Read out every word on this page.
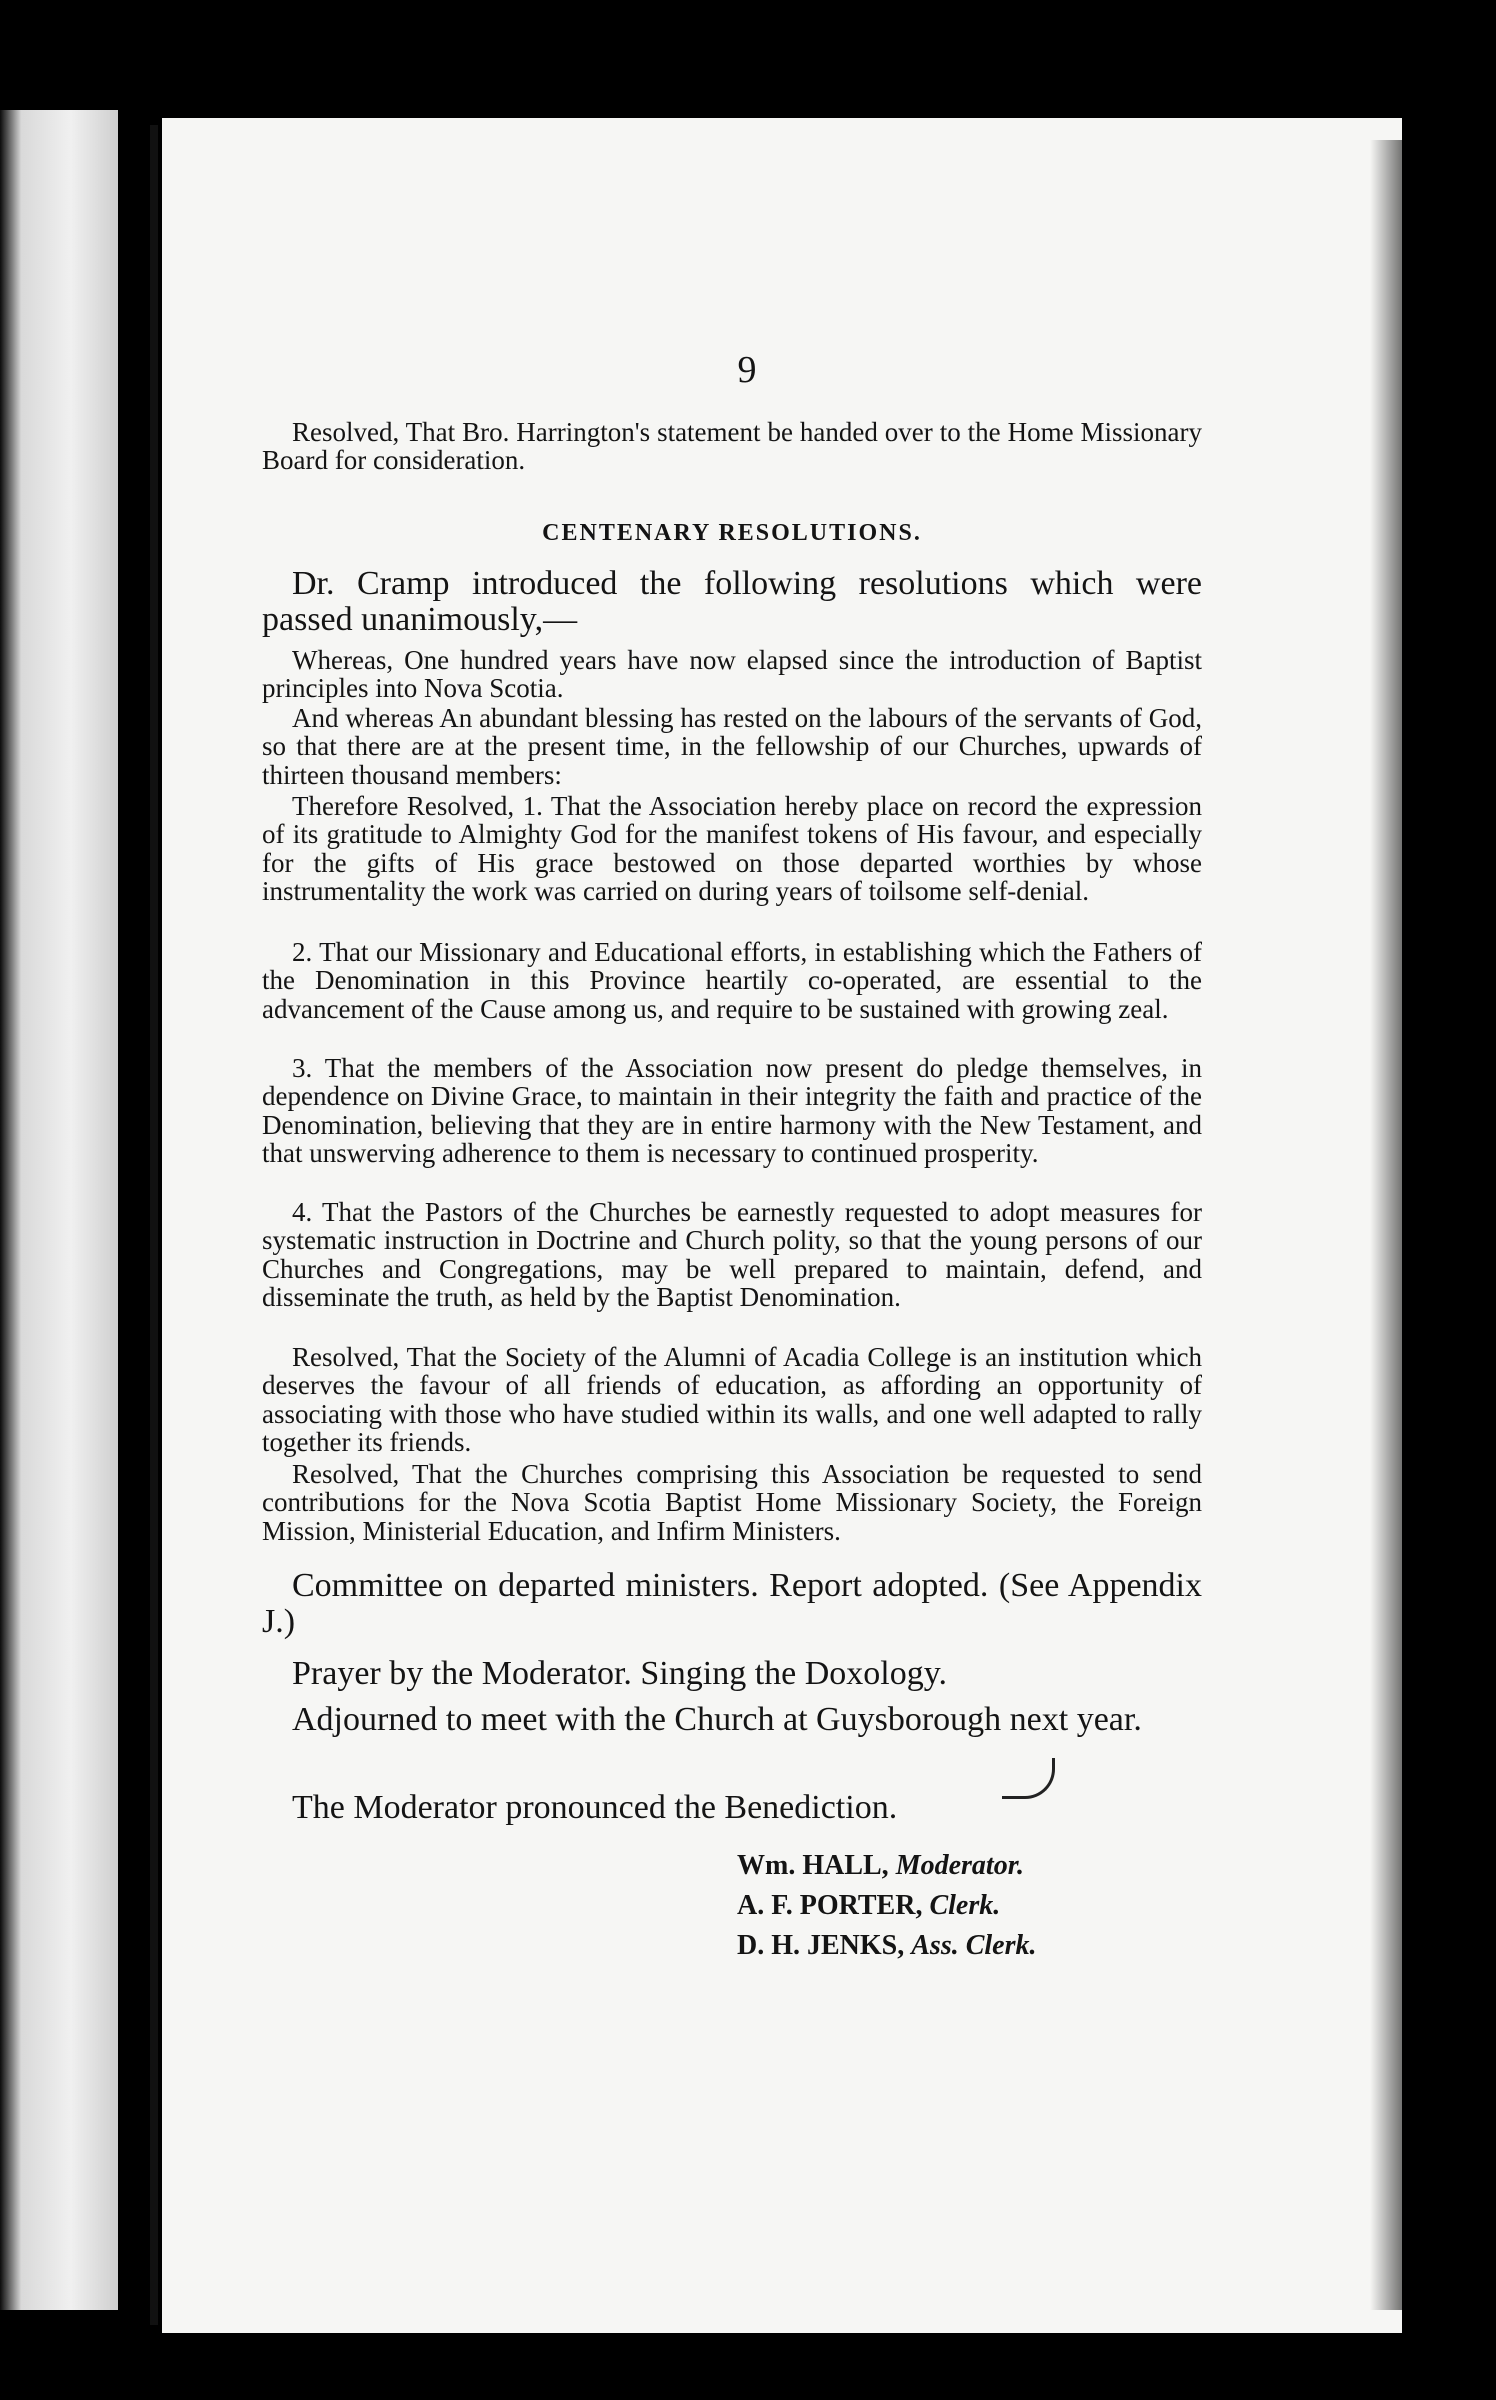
9
Resolved, That Bro. Harrington's statement be handed over to the Home Missionary Board for consideration.
CENTENARY RESOLUTIONS.
Dr. Cramp introduced the following resolutions which were passed unanimously,—
Whereas, One hundred years have now elapsed since the introduction of Baptist principles into Nova Scotia.
And whereas An abundant blessing has rested on the labours of the servants of God, so that there are at the present time, in the fellowship of our Churches, upwards of thirteen thousand members:
Therefore Resolved, 1. That the Association hereby place on record the expression of its gratitude to Almighty God for the manifest tokens of His favour, and especially for the gifts of His grace bestowed on those departed worthies by whose instrumentality the work was carried on during years of toilsome self-denial.
2. That our Missionary and Educational efforts, in establishing which the Fathers of the Denomination in this Province heartily co-operated, are essential to the advancement of the Cause among us, and require to be sustained with growing zeal.
3. That the members of the Association now present do pledge themselves, in dependence on Divine Grace, to maintain in their integrity the faith and practice of the Denomination, believing that they are in entire harmony with the New Testament, and that unswerving adherence to them is necessary to continued prosperity.
4. That the Pastors of the Churches be earnestly requested to adopt measures for systematic instruction in Doctrine and Church polity, so that the young persons of our Churches and Congregations, may be well prepared to maintain, defend, and disseminate the truth, as held by the Baptist Denomination.
Resolved, That the Society of the Alumni of Acadia College is an institution which deserves the favour of all friends of education, as affording an opportunity of associating with those who have studied within its walls, and one well adapted to rally together its friends.
Resolved, That the Churches comprising this Association be requested to send contributions for the Nova Scotia Baptist Home Missionary Society, the Foreign Mission, Ministerial Education, and Infirm Ministers.
Committee on departed ministers. Report adopted. (See Appendix J.)
Prayer by the Moderator. Singing the Doxology.
Adjourned to meet with the Church at Guysborough next year.
The Moderator pronounced the Benediction.
Wm. HALL, Moderator.
A. F. PORTER, Clerk.
D. H. JENKS, Ass. Clerk.
